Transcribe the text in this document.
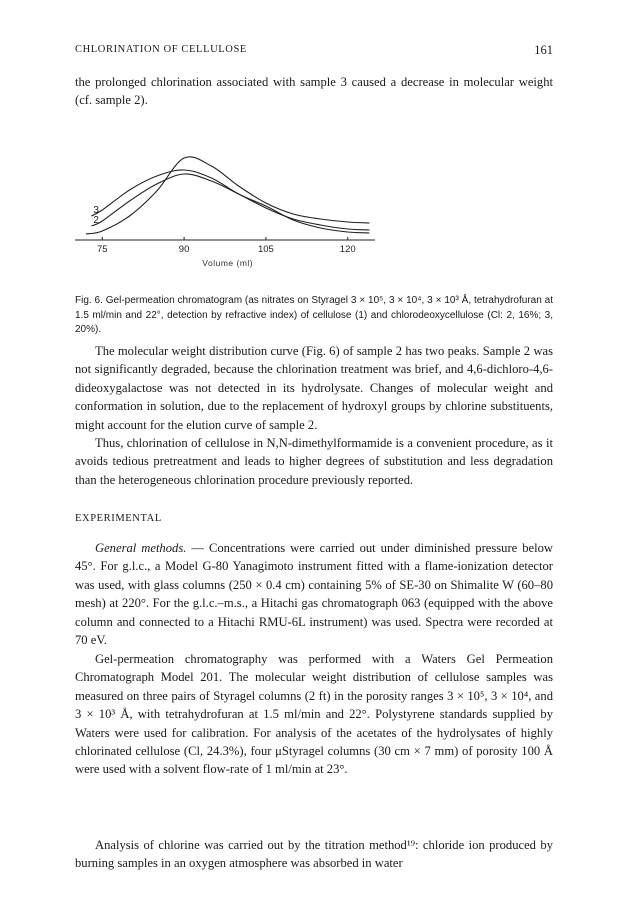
CHLORINATION OF CELLULOSE	161

the prolonged chlorination associated with sample 3 caused a decrease in molecular weight (cf. sample 2).

75	90	105	120
Volume (ml)
2
3
Fig. 6. Gel-permeation chromatogram (as nitrates on Styragel 3 × 10⁵, 3 × 10⁴, 3 × 10³ Å, tetrahydrofuran at 1.5 ml/min and 22°, detection by refractive index) of cellulose (1) and chlorodeoxycellulose (Cl: 2, 16%; 3, 20%).

The molecular weight distribution curve (Fig. 6) of sample 2 has two peaks. Sample 2 was not significantly degraded, because the chlorination treatment was brief, and 4,6-dichloro-4,6-dideoxygalactose was not detected in its hydrolysate. Changes of molecular weight and conformation in solution, due to the replacement of hydroxyl groups by chlorine substituents, might account for the elution curve of sample 2.

Thus, chlorination of cellulose in N,N-dimethylformamide is a convenient procedure, as it avoids tedious pretreatment and leads to higher degrees of substitution and less degradation than the heterogeneous chlorination procedure previously reported.

EXPERIMENTAL

General methods. — Concentrations were carried out under diminished pressure below 45°. For g.l.c., a Model G-80 Yanagimoto instrument fitted with a flame-ionization detector was used, with glass columns (250 × 0.4 cm) containing 5% of SE-30 on Shimalite W (60–80 mesh) at 220°. For the g.l.c.–m.s., a Hitachi gas chromatograph 063 (equipped with the above column and connected to a Hitachi RMU-6L instrument) was used. Spectra were recorded at 70 eV.

Gel-permeation chromatography was performed with a Waters Gel Permeation Chromatograph Model 201. The molecular weight distribution of cellulose samples was measured on three pairs of Styragel columns (2 ft) in the porosity ranges 3 × 10⁵, 3 × 10⁴, and 3 × 10³ Å, with tetrahydrofuran at 1.5 ml/min and 22°. Polystyrene standards supplied by Waters were used for calibration. For analysis of the acetates of the hydrolysates of highly chlorinated cellulose (Cl, 24.3%), four μStyragel columns (30 cm × 7 mm) of porosity 100 Å were used with a solvent flow-rate of 1 ml/min at 23°.

Analysis of chlorine was carried out by the titration method¹⁹: chloride ion produced by burning samples in an oxygen atmosphere was absorbed in water
